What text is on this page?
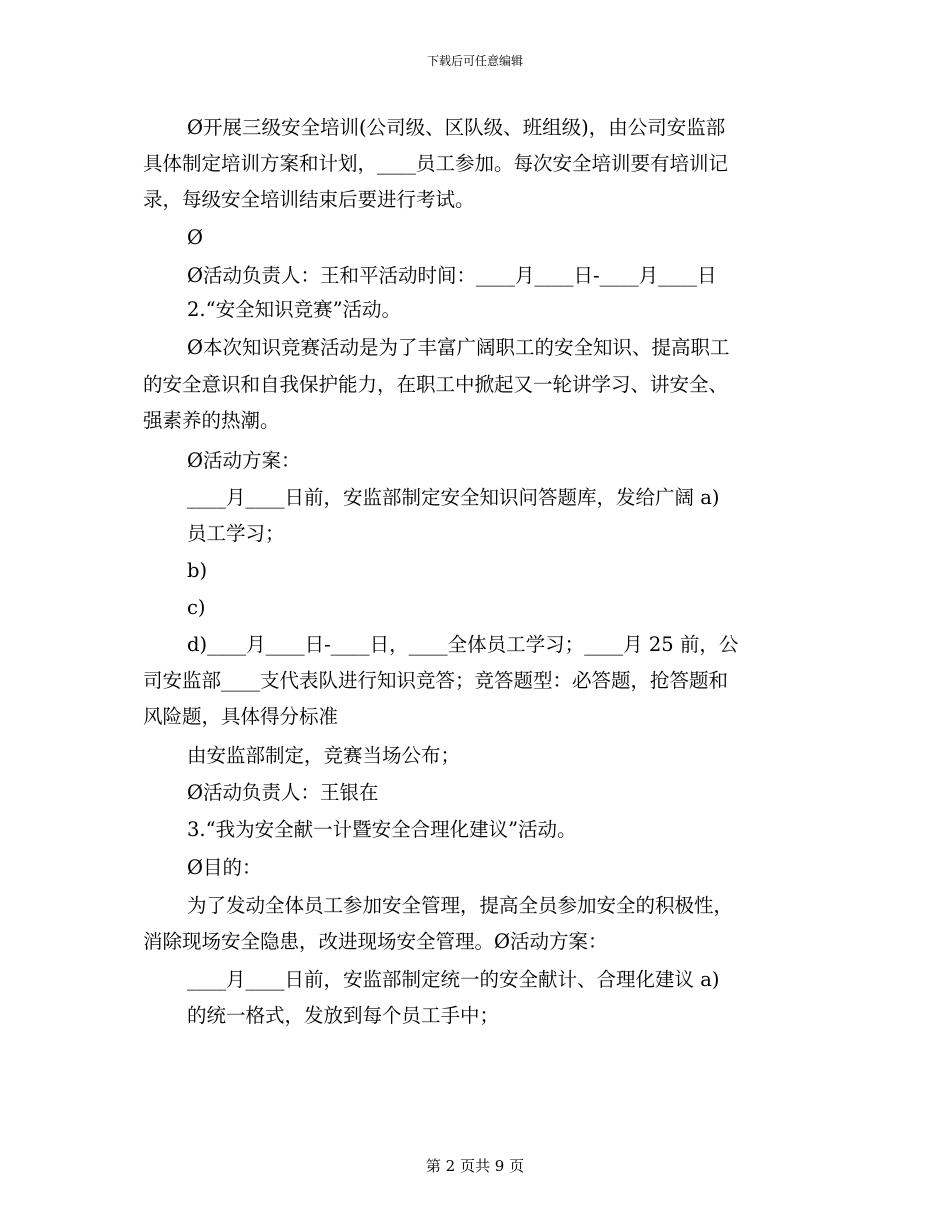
下载后可任意编辑
Ø开展三级安全培训(公司级、区队级、班组级)，由公司安监部
具体制定培训方案和计划，____员工参加。每次安全培训要有培训记
录，每级安全培训结束后要进行考试。
Ø
Ø活动负责人：王和平活动时间：____月____日-____月____日
2.“安全知识竞赛”活动。
Ø本次知识竞赛活动是为了丰富广阔职工的安全知识、提高职工
的安全意识和自我保护能力，在职工中掀起又一轮讲学习、讲安全、
强素养的热潮。
Ø活动方案：
____月____日前，安监部制定安全知识问答题库，发给广阔 a)
员工学习；
b)
c)
d)____月____日-____日，____全体员工学习；____月 25 前，公
司安监部____支代表队进行知识竞答；竞答题型：必答题，抢答题和
风险题，具体得分标准
由安监部制定，竞赛当场公布；
Ø活动负责人：王银在
3.“我为安全献一计暨安全合理化建议”活动。
Ø目的：
为了发动全体员工参加安全管理，提高全员参加安全的积极性，
消除现场安全隐患，改进现场安全管理。Ø活动方案：
____月____日前，安监部制定统一的安全献计、合理化建议 a)
的统一格式，发放到每个员工手中；
第 2 页共 9 页
